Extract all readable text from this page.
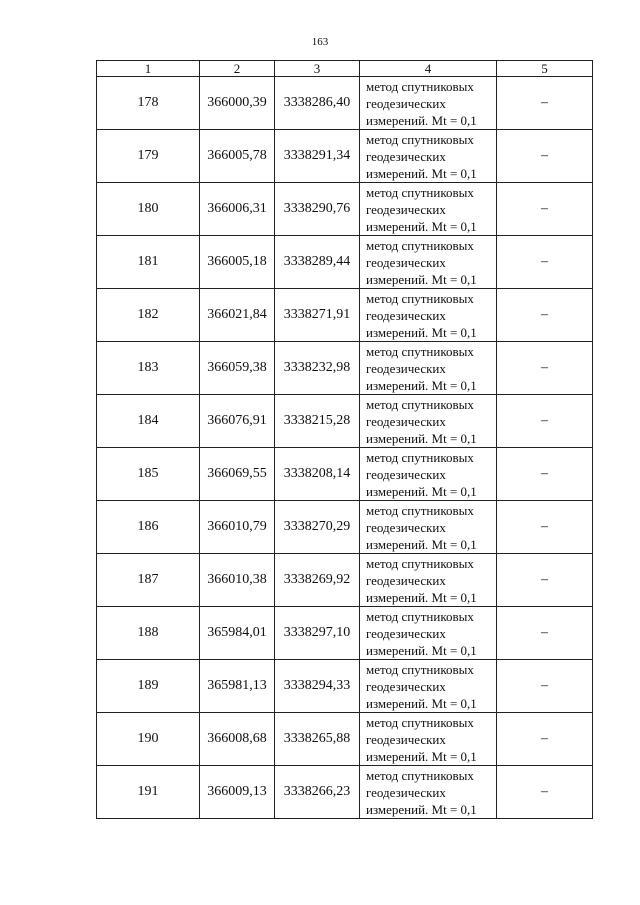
163
1	2	3	4	5
178	366000,39	3338286,40	метод спутниковых геодезических измерений. Mt = 0,1	–
179	366005,78	3338291,34	метод спутниковых геодезических измерений. Mt = 0,1	–
180	366006,31	3338290,76	метод спутниковых геодезических измерений. Mt = 0,1	–
181	366005,18	3338289,44	метод спутниковых геодезических измерений. Mt = 0,1	–
182	366021,84	3338271,91	метод спутниковых геодезических измерений. Mt = 0,1	–
183	366059,38	3338232,98	метод спутниковых геодезических измерений. Mt = 0,1	–
184	366076,91	3338215,28	метод спутниковых геодезических измерений. Mt = 0,1	–
185	366069,55	3338208,14	метод спутниковых геодезических измерений. Mt = 0,1	–
186	366010,79	3338270,29	метод спутниковых геодезических измерений. Mt = 0,1	–
187	366010,38	3338269,92	метод спутниковых геодезических измерений. Mt = 0,1	–
188	365984,01	3338297,10	метод спутниковых геодезических измерений. Mt = 0,1	–
189	365981,13	3338294,33	метод спутниковых геодезических измерений. Mt = 0,1	–
190	366008,68	3338265,88	метод спутниковых геодезических измерений. Mt = 0,1	–
191	366009,13	3338266,23	метод спутниковых геодезических измерений. Mt = 0,1	–
